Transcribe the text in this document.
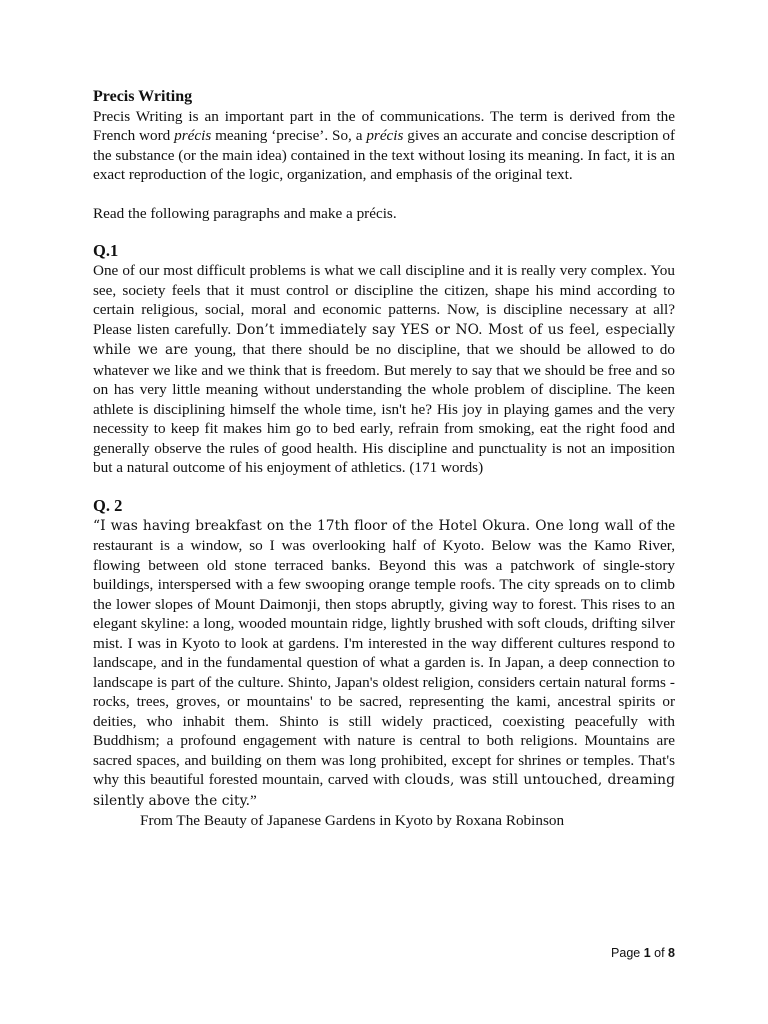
Precis Writing

Precis Writing is an important part in the of communications. The term is derived from the French word précis meaning ‘precise’. So, a précis gives an accurate and concise description of the substance (or the main idea) contained in the text without losing its meaning. In fact, it is an exact reproduction of the logic, organization, and emphasis of the original text.

Read the following paragraphs and make a précis.

Q.1

One of our most difficult problems is what we call discipline and it is really very complex. You see, society feels that it must control or discipline the citizen, shape his mind according to certain religious, social, moral and economic patterns. Now, is discipline necessary at all? Please listen carefully. Don’t immediately say YES or NO. Most of us feel, especially while we are young, that there should be no discipline, that we should be allowed to do whatever we like and we think that is freedom. But merely to say that we should be free and so on has very little meaning without understanding the whole problem of discipline. The keen athlete is disciplining himself the whole time, isn't he? His joy in playing games and the very necessity to keep fit makes him go to bed early, refrain from smoking, eat the right food and generally observe the rules of good health. His discipline and punctuality is not an imposition but a natural outcome of his enjoyment of athletics. (171 words)

Q. 2

“I was having breakfast on the 17th floor of the Hotel Okura. One long wall of the restaurant is a window, so I was overlooking half of Kyoto. Below was the Kamo River, flowing between old stone terraced banks. Beyond this was a patchwork of single-story buildings, interspersed with a few swooping orange temple roofs. The city spreads on to climb the lower slopes of Mount Daimonji, then stops abruptly, giving way to forest. This rises to an elegant skyline: a long, wooded mountain ridge, lightly brushed with soft clouds, drifting silver mist. I was in Kyoto to look at gardens. I'm interested in the way different cultures respond to landscape, and in the fundamental question of what a garden is. In Japan, a deep connection to landscape is part of the culture. Shinto, Japan's oldest religion, considers certain natural forms - rocks, trees, groves, or mountains' to be sacred, representing the kami, ancestral spirits or deities, who inhabit them. Shinto is still widely practiced, coexisting peacefully with Buddhism; a profound engagement with nature is central to both religions. Mountains are sacred spaces, and building on them was long prohibited, except for shrines or temples. That's why this beautiful forested mountain, carved with clouds, was still untouched, dreaming silently above the city.”

From The Beauty of Japanese Gardens in Kyoto by Roxana Robinson

Page 1 of 8
